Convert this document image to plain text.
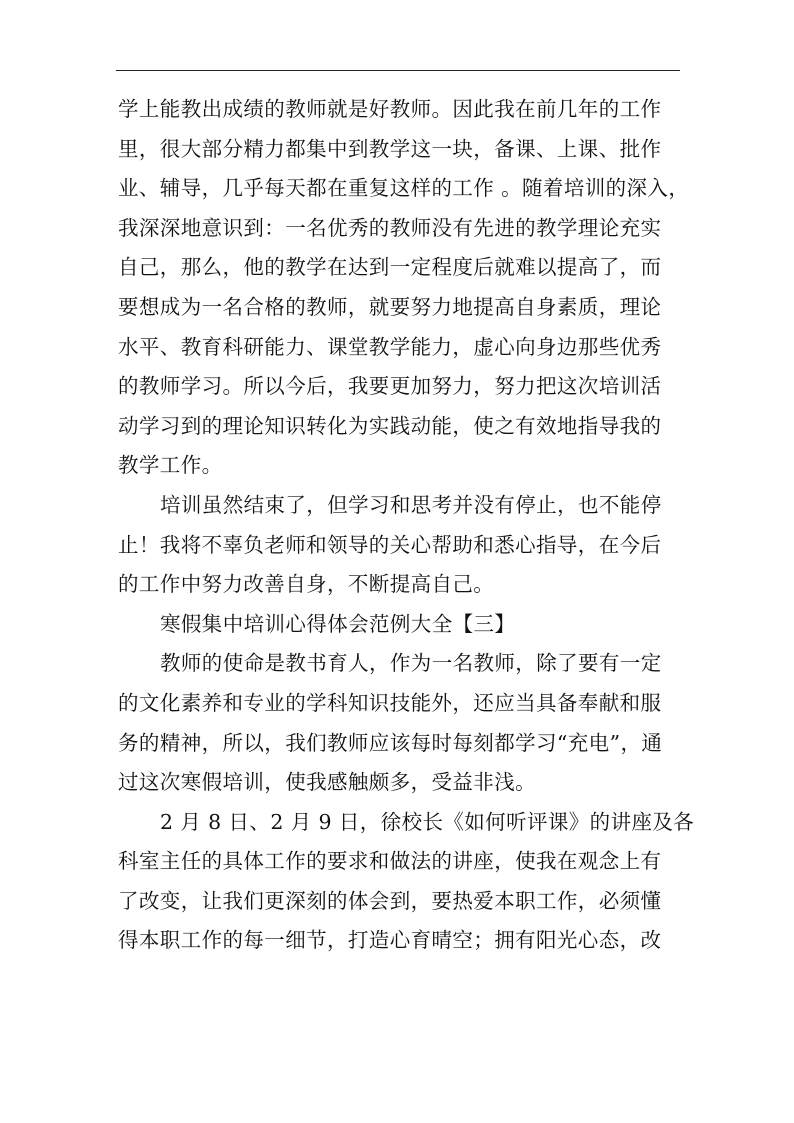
学上能教出成绩的教师就是好教师。因此我在前几年的工作
里，很大部分精力都集中到教学这一块，备课、上课、批作
业、辅导，几乎每天都在重复这样的工作 。随着培训的深入，
我深深地意识到：一名优秀的教师没有先进的教学理论充实
自己，那么，他的教学在达到一定程度后就难以提高了，而
要想成为一名合格的教师，就要努力地提高自身素质，理论
水平、教育科研能力、课堂教学能力，虚心向身边那些优秀
的教师学习。所以今后，我要更加努力，努力把这次培训活
动学习到的理论知识转化为实践动能，使之有效地指导我的
教学工作。
培训虽然结束了，但学习和思考并没有停止，也不能停
止！我将不辜负老师和领导的关心帮助和悉心指导，在今后
的工作中努力改善自身，不断提高自己。
寒假集中培训心得体会范例大全【三】
教师的使命是教书育人，作为一名教师，除了要有一定
的文化素养和专业的学科知识技能外，还应当具备奉献和服
务的精神，所以，我们教师应该每时每刻都学习“充电”，通
过这次寒假培训，使我感触颇多，受益非浅。
2 月 8 日、2 月 9 日，徐校长《如何听评课》的讲座及各
科室主任的具体工作的要求和做法的讲座，使我在观念上有
了改变，让我们更深刻的体会到，要热爱本职工作，必须懂
得本职工作的每一细节，打造心育晴空；拥有阳光心态，改
